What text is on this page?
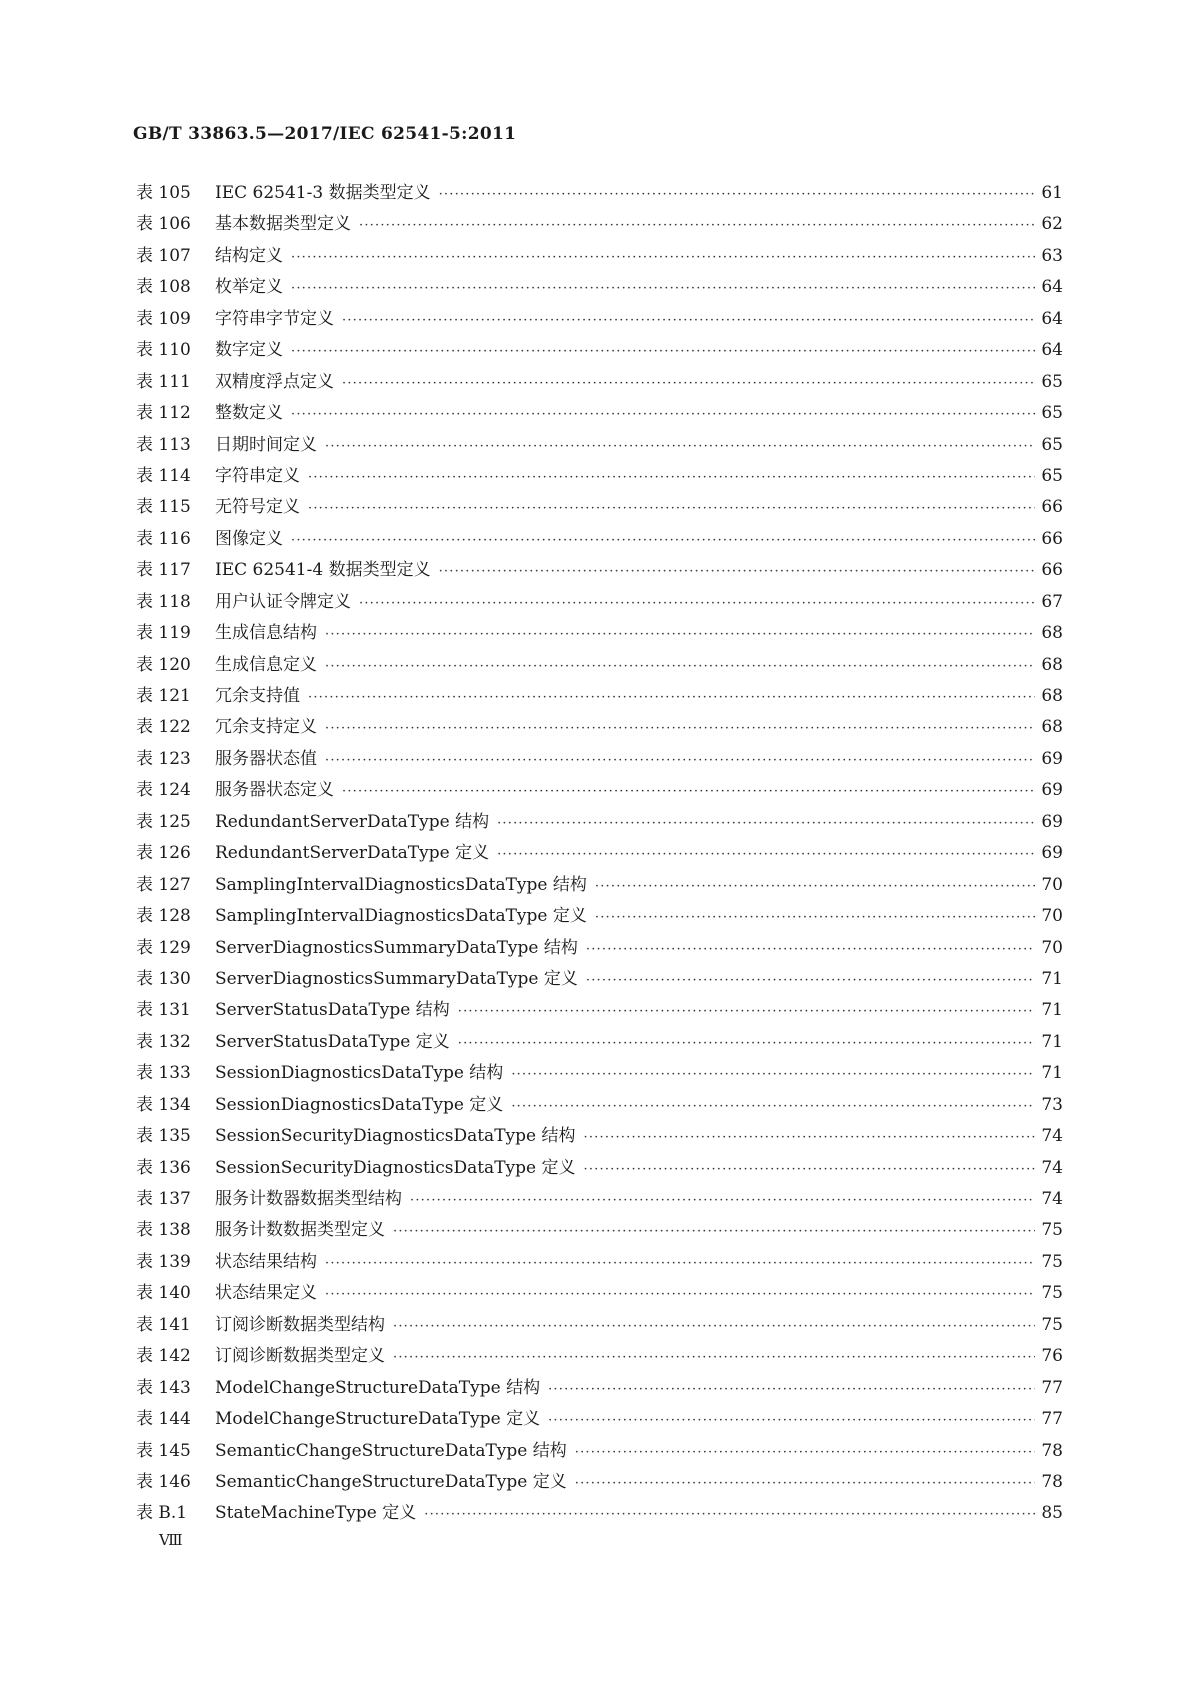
GB/T 33863.5—2017/IEC 62541-5:2011
表 105	IEC 62541-3 数据类型定义 ·····	61
表 106	基本数据类型定义 ·····	62
表 107	结构定义 ·····	63
表 108	枚举定义 ·····	64
表 109	字符串字节定义 ·····	64
表 110	数字定义 ·····	64
表 111	双精度浮点定义 ·····	65
表 112	整数定义 ·····	65
表 113	日期时间定义 ·····	65
表 114	字符串定义 ·····	65
表 115	无符号定义 ·····	66
表 116	图像定义 ·····	66
表 117	IEC 62541-4 数据类型定义 ·····	66
表 118	用户认证令牌定义 ·····	67
表 119	生成信息结构 ·····	68
表 120	生成信息定义 ·····	68
表 121	冗余支持值 ·····	68
表 122	冗余支持定义 ·····	68
表 123	服务器状态值 ·····	69
表 124	服务器状态定义 ·····	69
表 125	RedundantServerDataType 结构 ·····	69
表 126	RedundantServerDataType 定义 ·····	69
表 127	SamplingIntervalDiagnosticsDataType 结构 ·····	70
表 128	SamplingIntervalDiagnosticsDataType 定义 ·····	70
表 129	ServerDiagnosticsSummaryDataType 结构 ·····	70
表 130	ServerDiagnosticsSummaryDataType 定义 ·····	71
表 131	ServerStatusDataType 结构 ·····	71
表 132	ServerStatusDataType 定义 ·····	71
表 133	SessionDiagnosticsDataType 结构 ·····	71
表 134	SessionDiagnosticsDataType 定义 ·····	73
表 135	SessionSecurityDiagnosticsDataType 结构 ·····	74
表 136	SessionSecurityDiagnosticsDataType 定义 ·····	74
表 137	服务计数器数据类型结构 ·····	74
表 138	服务计数数据类型定义 ·····	75
表 139	状态结果结构 ·····	75
表 140	状态结果定义 ·····	75
表 141	订阅诊断数据类型结构 ·····	75
表 142	订阅诊断数据类型定义 ·····	76
表 143	ModelChangeStructureDataType 结构 ·····	77
表 144	ModelChangeStructureDataType 定义 ·····	77
表 145	SemanticChangeStructureDataType 结构 ·····	78
表 146	SemanticChangeStructureDataType 定义 ·····	78
表 B.1	StateMachineType 定义 ·····	85
Ⅷ
